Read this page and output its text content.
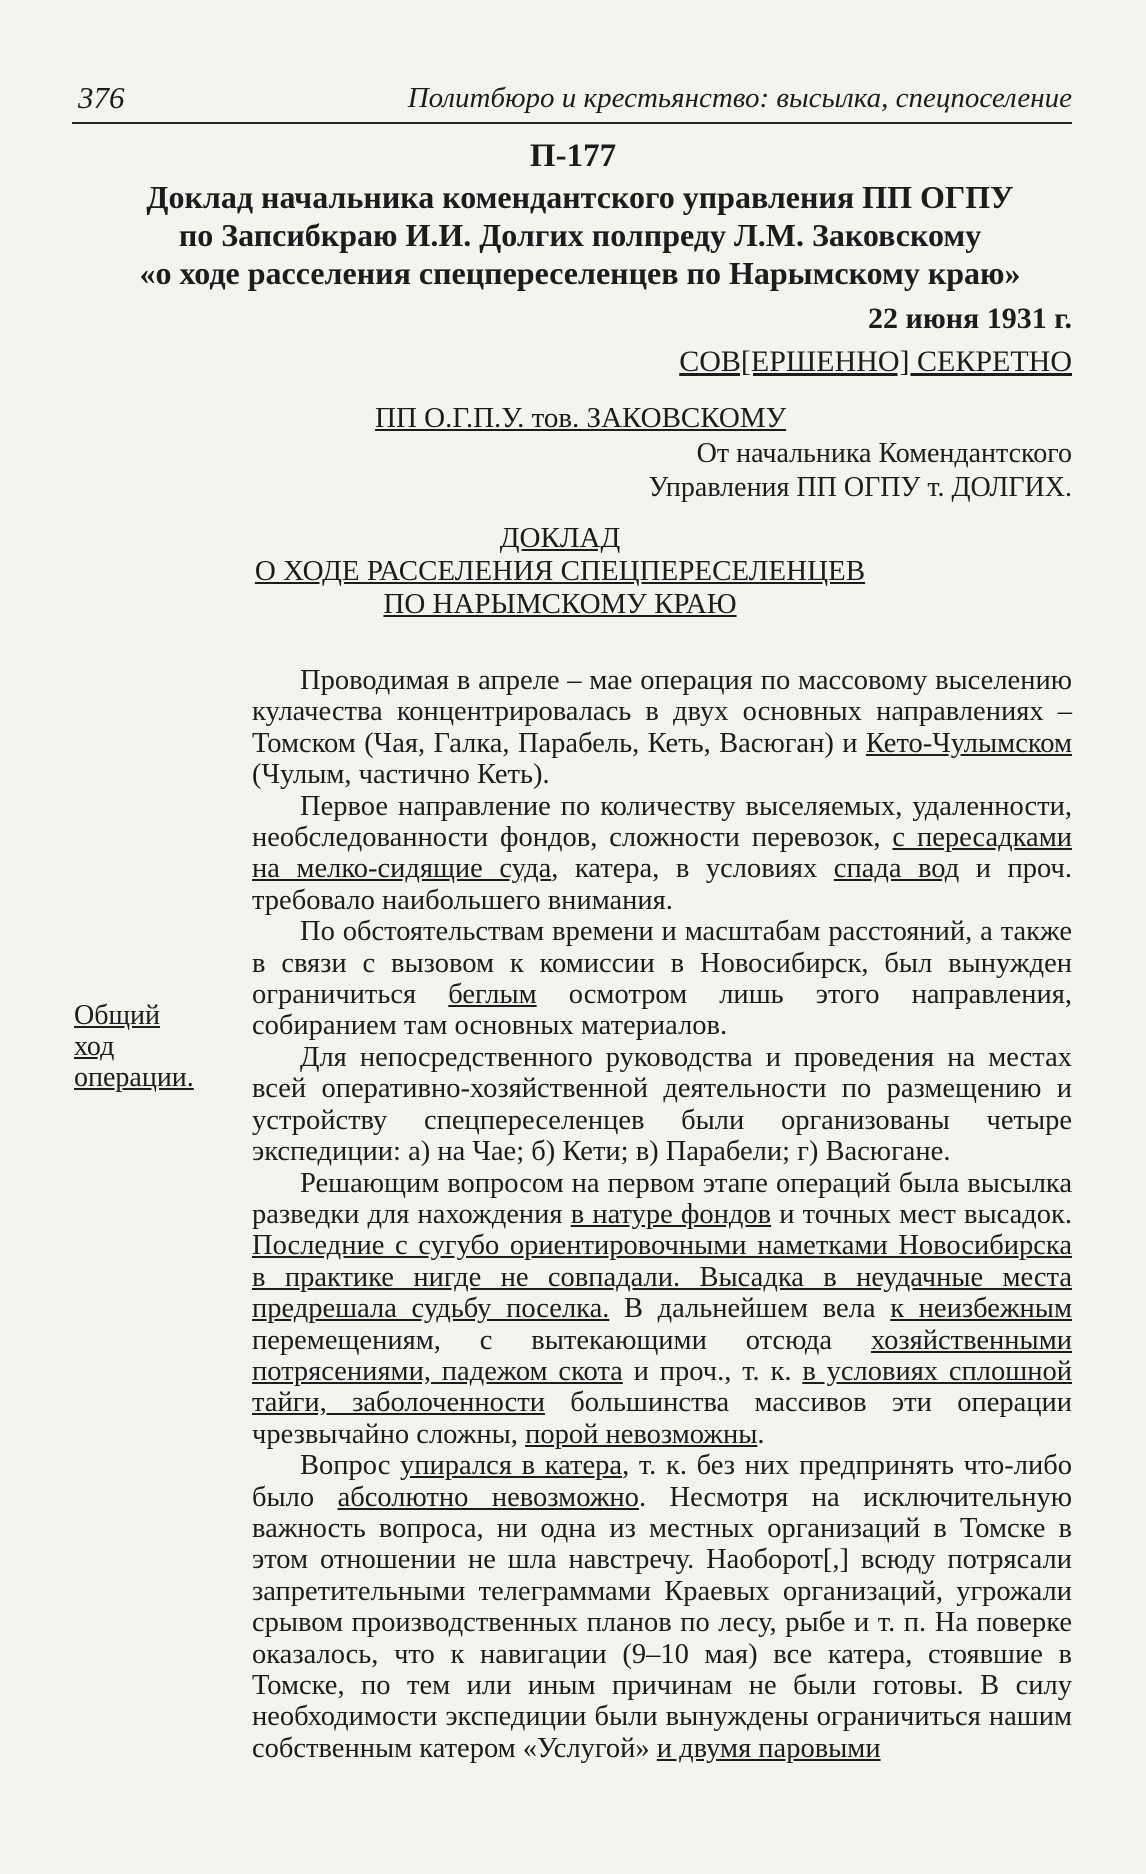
376	Политбюро и крестьянство: высылка, спецпоселение
П-177
Доклад начальника комендантского управления ПП ОГПУ
по Запсибкраю И.И. Долгих полпреду Л.М. Заковскому
«о ходе расселения спецпереселенцев по Нарымскому краю»
22 июня 1931 г.
СОВ[ЕРШЕННО] СЕКРЕТНО
ПП О.Г.П.У. тов. ЗАКОВСКОМУ
От начальника Комендантского
Управления ПП ОГПУ т. ДОЛГИХ.
ДОКЛАД
О ХОДЕ РАССЕЛЕНИЯ СПЕЦПЕРЕСЕЛЕНЦЕВ
ПО НАРЫМСКОМУ КРАЮ
Общий ход операции.

Проводимая в апреле – мае операция по массовому выселению кулачества концентрировалась в двух основных направлениях – Томском (Чая, Галка, Парабель, Кеть, Васюган) и Кето-Чулымском (Чулым, частично Кеть).

Первое направление по количеству выселяемых, удаленности, необследованности фондов, сложности перевозок, с пересадками на мелко-сидящие суда, катера, в условиях спада вод и проч. требовало наибольшего внимания.

По обстоятельствам времени и масштабам расстояний, а также в связи с вызовом к комиссии в Новосибирск, был вынужден ограничиться беглым осмотром лишь этого направления, собиранием там основных материалов.

Для непосредственного руководства и проведения на местах всей оперативно-хозяйственной деятельности по размещению и устройству спецпереселенцев были организованы четыре экспедиции: а) на Чае; б) Кети; в) Парабели; г) Васюгане.

Решающим вопросом на первом этапе операций была высылка разведки для нахождения в натуре фондов и точных мест высадок. Последние с сугубо ориентировочными наметками Новосибирска в практике нигде не совпадали. Высадка в неудачные места предрешала судьбу поселка. В дальнейшем вела к неизбежным перемещениям, с вытекающими отсюда хозяйственными потрясениями, падежом скота и проч., т. к. в условиях сплошной тайги, заболоченности большинства массивов эти операции чрезвычайно сложны, порой невозможны.

Вопрос упирался в катера, т. к. без них предпринять что-либо было абсолютно невозможно. Несмотря на исключительную важность вопроса, ни одна из местных организаций в Томске в этом отношении не шла навстречу. Наоборот[,] всюду потрясали запретительными телеграммами Краевых организаций, угрожали срывом производственных планов по лесу, рыбе и т. п. На поверке оказалось, что к навигации (9–10 мая) все катера, стоявшие в Томске, по тем или иным причинам не были готовы. В силу необходимости экспедиции были вынуждены ограничиться нашим собственным катером «Услугой» и двумя паровыми
